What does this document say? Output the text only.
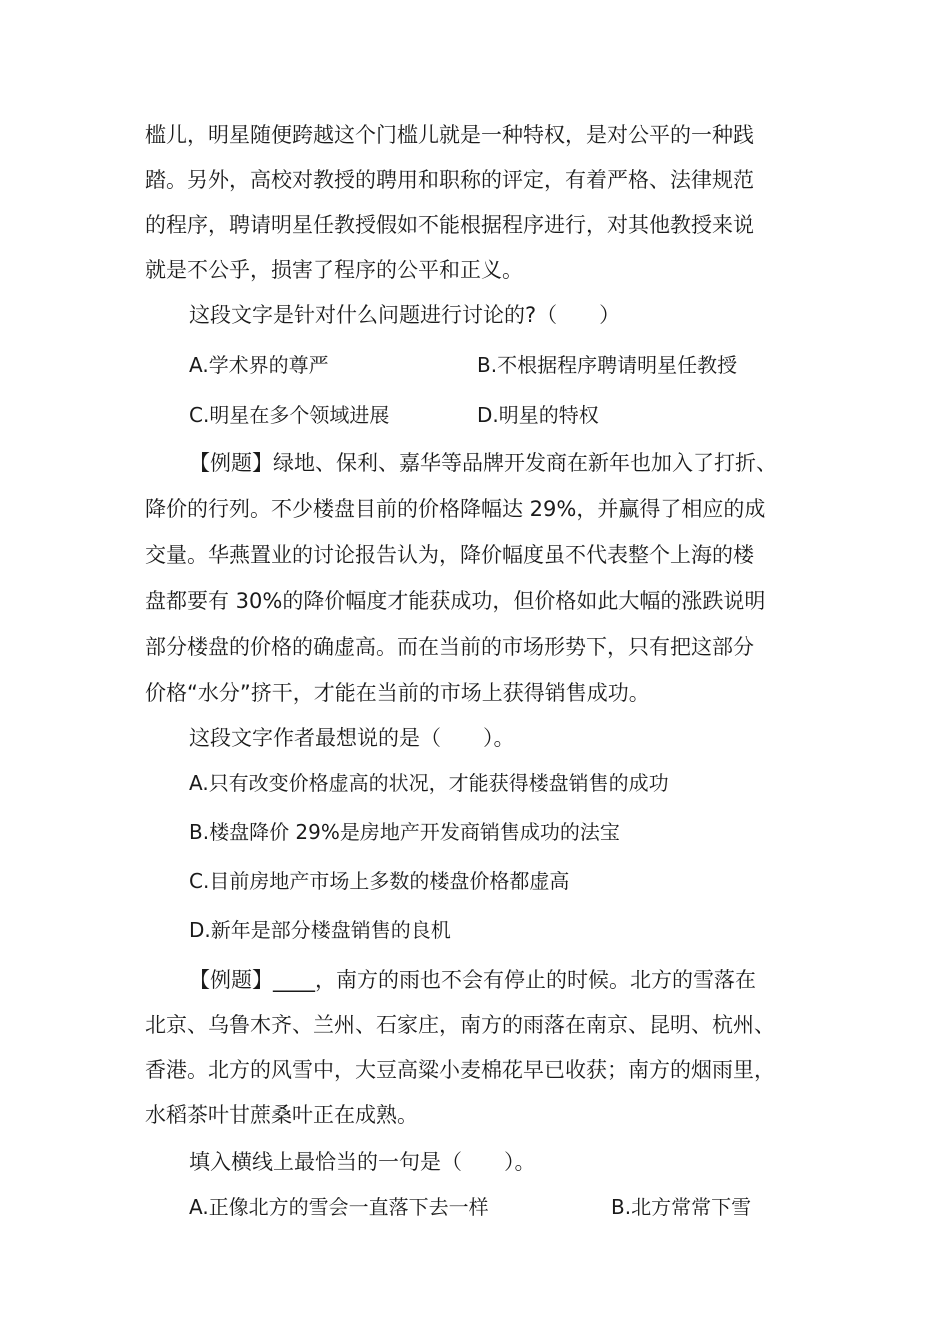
槛儿，明星随便跨越这个门槛儿就是一种特权，是对公平的一种践
踏。另外，高校对教授的聘用和职称的评定，有着严格、法律规范
的程序，聘请明星任教授假如不能根据程序进行，对其他教授来说
就是不公乎，损害了程序的公平和正义。
这段文字是针对什么问题进行讨论的?（　　）
A.学术界的尊严	B.不根据程序聘请明星任教授
C.明星在多个领域进展	D.明星的特权
【例题】绿地、保利、嘉华等品牌开发商在新年也加入了打折、
降价的行列。不少楼盘目前的价格降幅达 29%，并赢得了相应的成
交量。华燕置业的讨论报告认为，降价幅度虽不代表整个上海的楼
盘都要有 30%的降价幅度才能获成功，但价格如此大幅的涨跌说明
部分楼盘的价格的确虚高。而在当前的市场形势下，只有把这部分
价格“水分”挤干，才能在当前的市场上获得销售成功。
这段文字作者最想说的是（　　）。
A.只有改变价格虚高的状况，才能获得楼盘销售的成功
B.楼盘降价 29%是房地产开发商销售成功的法宝
C.目前房地产市场上多数的楼盘价格都虚高
D.新年是部分楼盘销售的良机
【例题】____，南方的雨也不会有停止的时候。北方的雪落在
北京、乌鲁木齐、兰州、石家庄，南方的雨落在南京、昆明、杭州、
香港。北方的风雪中，大豆高粱小麦棉花早已收获；南方的烟雨里，
水稻茶叶甘蔗桑叶正在成熟。
填入横线上最恰当的一句是（　　）。
A.正像北方的雪会一直落下去一样	B.北方常常下雪
